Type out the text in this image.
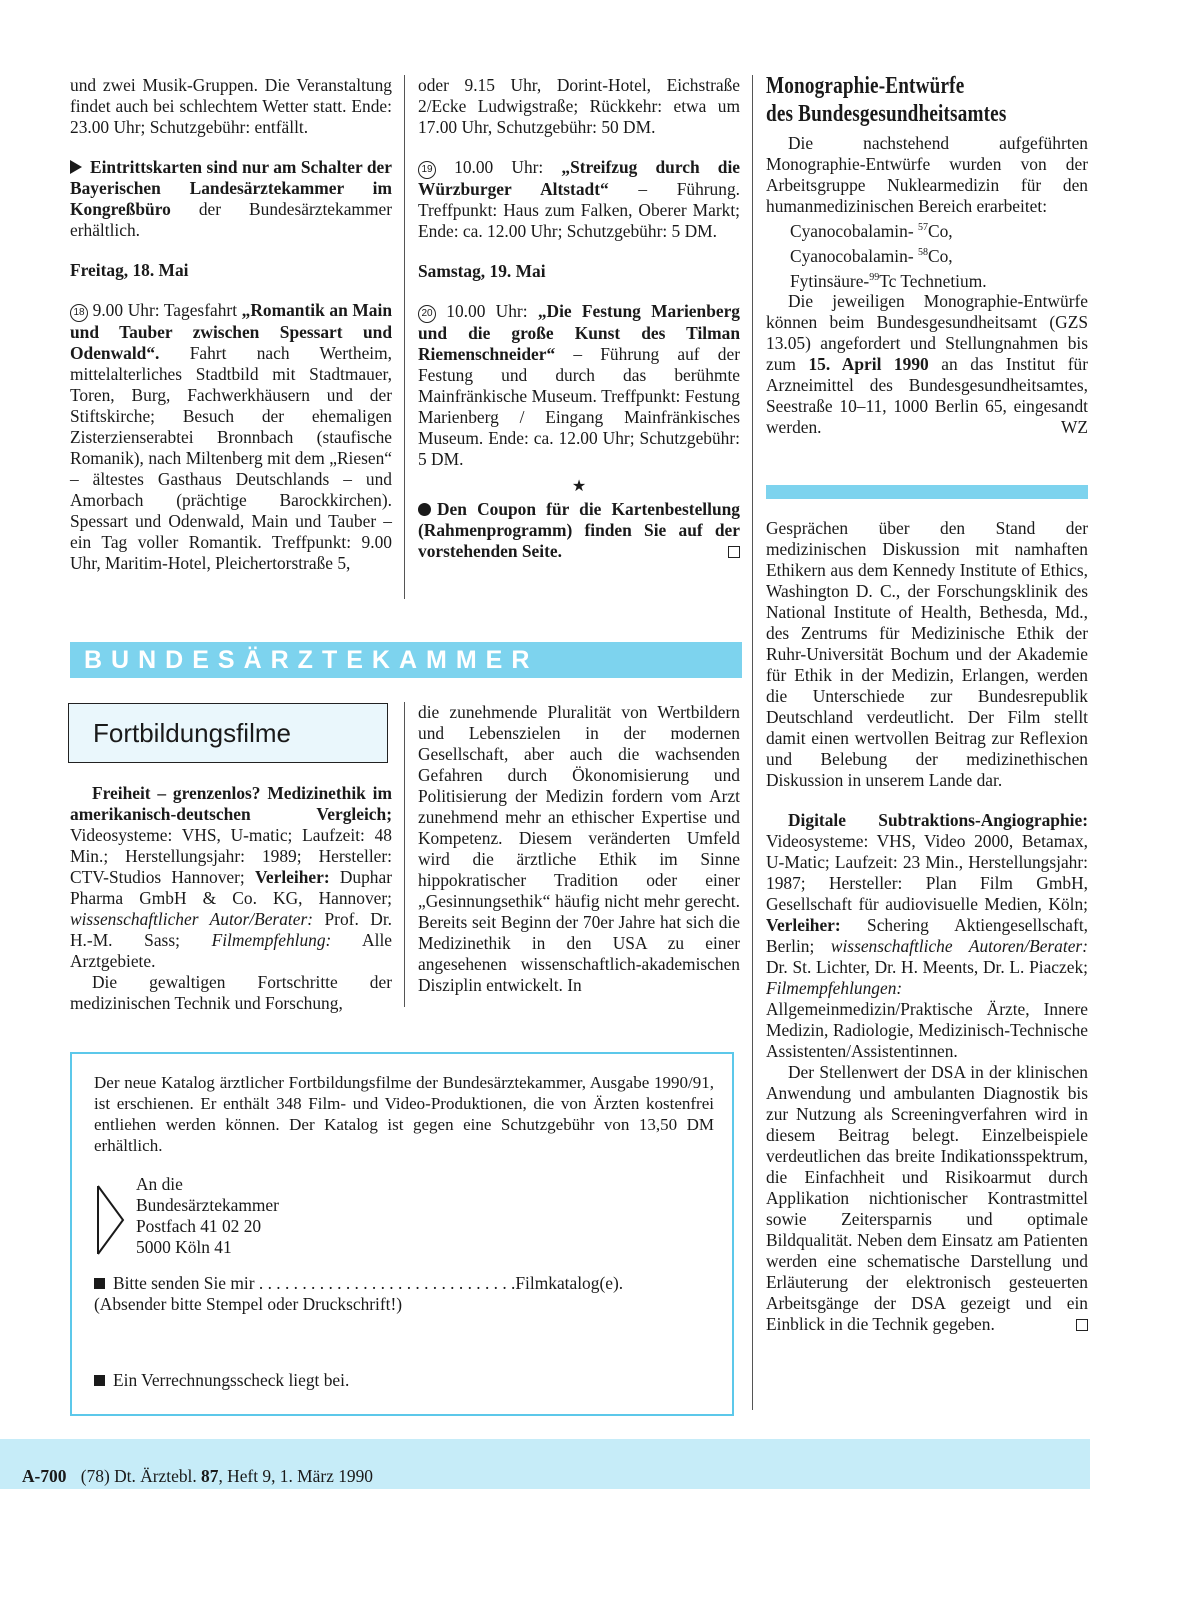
und zwei Musik-Gruppen. Die Veranstaltung findet auch bei schlechtem Wetter statt. Ende: 23.00 Uhr; Schutzgebühr: entfällt.

Eintrittskarten sind nur am Schalter der Bayerischen Landesärztekammer im Kongreßbüro der Bundesärztekammer erhältlich.

Freitag, 18. Mai

18 9.00 Uhr: Tagesfahrt „Romantik an Main und Tauber zwischen Spessart und Odenwald“. Fahrt nach Wertheim, mittelalterliches Stadtbild mit Stadtmauer, Toren, Burg, Fachwerkhäusern und der Stiftskirche; Besuch der ehemaligen Zisterzienserabtei Bronnbach (staufische Romanik), nach Miltenberg mit dem „Riesen“ – ältestes Gasthaus Deutschlands – und Amorbach (prächtige Barockkirchen). Spessart und Odenwald, Main und Tauber – ein Tag voller Romantik. Treffpunkt: 9.00 Uhr, Maritim-Hotel, Pleichertorstraße 5,

oder 9.15 Uhr, Dorint-Hotel, Eichstraße 2/Ecke Ludwigstraße; Rückkehr: etwa um 17.00 Uhr, Schutzgebühr: 50 DM.

19 10.00 Uhr: „Streifzug durch die Würzburger Altstadt“ – Führung. Treffpunkt: Haus zum Falken, Oberer Markt; Ende: ca. 12.00 Uhr; Schutzgebühr: 5 DM.

Samstag, 19. Mai

20 10.00 Uhr: „Die Festung Marienberg und die große Kunst des Tilman Riemenschneider“ – Führung auf der Festung und durch das berühmte Mainfränkische Museum. Treffpunkt: Festung Marienberg / Eingang Mainfränkisches Museum. Ende: ca. 12.00 Uhr; Schutzgebühr: 5 DM.

★

Den Coupon für die Kartenbestellung (Rahmenprogramm) finden Sie auf der vorstehenden Seite.

Monographie-Entwürfe
des Bundesgesundheitsamtes

Die nachstehend aufgeführten Monographie-Entwürfe wurden von der Arbeitsgruppe Nuklearmedizin für den humanmedizinischen Bereich erarbeitet:

Cyanocobalamin- $^{57}$Co,
Cyanocobalamin- $^{58}$Co,
Fytinsäure-$^{99}$Tc Technetium.

Die jeweiligen Monographie-Entwürfe können beim Bundesgesundheitsamt (GZS 13.05) angefordert und Stellungnahmen bis zum 15. April 1990 an das Institut für Arzneimittel des Bundesgesundheitsamtes, Seestraße 10–11, 1000 Berlin 65, eingesandt werden.	WZ

Gesprächen über den Stand der medizinischen Diskussion mit namhaften Ethikern aus dem Kennedy Institute of Ethics, Washington D. C., der Forschungsklinik des National Institute of Health, Bethesda, Md., des Zentrums für Medizinische Ethik der Ruhr-Universität Bochum und der Akademie für Ethik in der Medizin, Erlangen, werden die Unterschiede zur Bundesrepublik Deutschland verdeutlicht. Der Film stellt damit einen wertvollen Beitrag zur Reflexion und Belebung der medizinethischen Diskussion in unserem Lande dar.

Digitale Subtraktions-Angiographie: Videosysteme: VHS, Video 2000, Betamax, U-Matic; Laufzeit: 23 Min., Herstellungsjahr: 1987; Hersteller: Plan Film GmbH, Gesellschaft für audiovisuelle Medien, Köln; Verleiher: Schering Aktiengesellschaft, Berlin; wissenschaftliche Autoren/Berater: Dr. St. Lichter, Dr. H. Meents, Dr. L. Piaczek; Filmempfehlungen: Allgemeinmedizin/Praktische Ärzte, Innere Medizin, Radiologie, Medizinisch-Technische Assistenten/Assistentinnen.

Der Stellenwert der DSA in der klinischen Anwendung und ambulanten Diagnostik bis zur Nutzung als Screeningverfahren wird in diesem Beitrag belegt. Einzelbeispiele verdeutlichen das breite Indikationsspektrum, die Einfachheit und Risikoarmut durch Applikation nichtionischer Kontrastmittel sowie Zeitersparnis und optimale Bildqualität. Neben dem Einsatz am Patienten werden eine schematische Darstellung und Erläuterung der elektronisch gesteuerten Arbeitsgänge der DSA gezeigt und ein Einblick in die Technik gegeben.

BUNDESÄRZTEKAMMER
Fortbildungsfilme

Freiheit – grenzenlos? Medizinethik im amerikanisch-deutschen Vergleich; Videosysteme: VHS, U-matic; Laufzeit: 48 Min.; Herstellungsjahr: 1989; Hersteller: CTV-Studios Hannover; Verleiher: Duphar Pharma GmbH & Co. KG, Hannover; wissenschaftlicher Autor/Berater: Prof. Dr. H.-M. Sass; Filmempfehlung: Alle Arztgebiete.

Die gewaltigen Fortschritte der medizinischen Technik und Forschung,

die zunehmende Pluralität von Wertbildern und Lebenszielen in der modernen Gesellschaft, aber auch die wachsenden Gefahren durch Ökonomisierung und Politisierung der Medizin fordern vom Arzt zunehmend mehr an ethischer Expertise und Kompetenz. Diesem veränderten Umfeld wird die ärztliche Ethik im Sinne hippokratischer Tradition oder einer „Gesinnungsethik“ häufig nicht mehr gerecht. Bereits seit Beginn der 70er Jahre hat sich die Medizinethik in den USA zu einer angesehenen wissenschaftlich-akademischen Disziplin entwickelt. In

Der neue Katalog ärztlicher Fortbildungsfilme der Bundesärztekammer, Ausgabe 1990/91, ist erschienen. Er enthält 348 Film- und Video-Produktionen, die von Ärzten kostenfrei entliehen werden können. Der Katalog ist gegen eine Schutzgebühr von 13,50 DM erhältlich.
An die
Bundesärztekammer
Postfach 41 02 20
5000 Köln 41
Bitte senden Sie mir . . . . . . . . . . . . . . . . . . . . . . . . . . . . . .Filmkatalog(e).
(Absender bitte Stempel oder Druckschrift!)
Ein Verrechnungsscheck liegt bei.
A-700 (78) Dt. Ärztebl. 87, Heft 9, 1. März 1990
